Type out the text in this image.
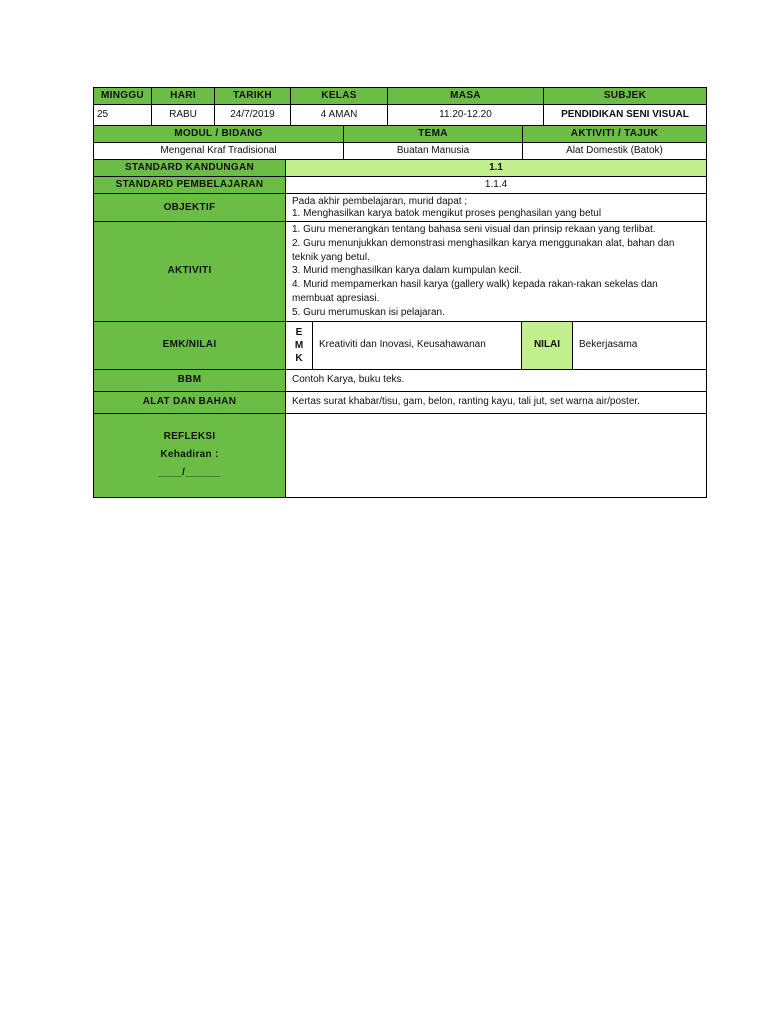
MINGGU	HARI	TARIKH	KELAS	MASA	SUBJEK
25	RABU	24/7/2019	4 AMAN	11.20-12.20	PENDIDIKAN SENI VISUAL
MODUL / BIDANG	TEMA	AKTIVITI / TAJUK
Mengenal Kraf Tradisional	Buatan Manusia	Alat Domestik (Batok)
STANDARD KANDUNGAN	1.1			
STANDARD PEMBELAJARAN	1.1.4			
OBJEKTIF	Pada akhir pembelajaran, murid dapat ;
1. Menghasilkan karya batok mengikut proses penghasilan yang betul			

AKTIVITI	1. Guru menerangkan tentang bahasa seni visual dan prinsip rekaan yang terlibat.
2. Guru menunjukkan demonstrasi menghasilkan karya menggunakan alat, bahan dan teknik yang betul.
3. Murid menghasilkan karya dalam kumpulan kecil.
4. Murid mempamerkan hasil karya (gallery walk) kepada rakan-rakan sekelas dan membuat apresiasi.
5. Guru merumuskan isi pelajaran.			

EMK/NILAI	E
M
K	Kreativiti dan Inovasi, Keusahawanan	NILAI	Bekerjasama
BBM	Contoh Karya, buku teks.			
ALAT DAN BAHAN	Kertas surat khabar/tisu, gam, belon, ranting kayu, tali jut, set warna air/poster.			

REFLEKSI
Kehadiran :
____/______				
